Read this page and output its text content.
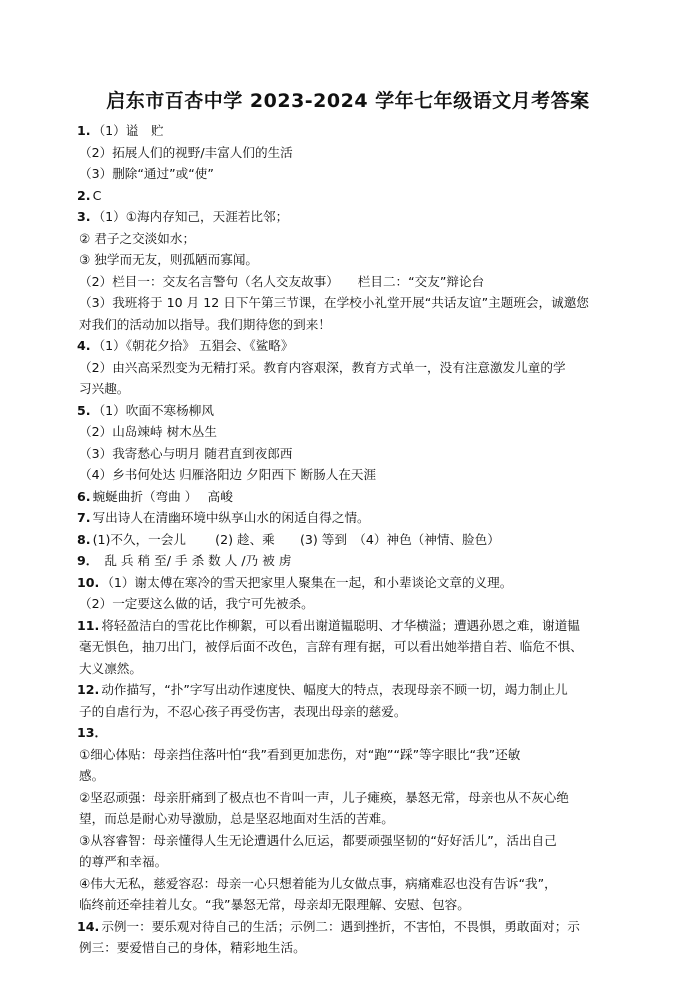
启东市百杏中学 2023-2024 学年七年级语文月考答案
1. （1）谥　贮
（2）拓展人们的视野/丰富人们的生活
（3）删除“通过”或“使”
2. C
3. （1）①海内存知己，天涯若比邻；
② 君子之交淡如水；
③ 独学而无友，则孤陋而寡闻。
（2）栏目一：交友名言警句（名人交友故事）　　栏目二：“交友”辩论台
（3）我班将于 10 月 12 日下午第三节课，在学校小礼堂开展“共话友谊”主题班会，诚邀您
对我们的活动加以指导。我们期待您的到来！
4. （1）《朝花夕拾》 五猖会、《鲨略》
（2）由兴高采烈变为无精打采。教育内容艰深，教育方式单一，没有注意激发儿童的学
习兴趣。
5. （1）吹面不寒杨柳风
（2）山岛竦峙 树木丛生
（3）我寄愁心与明月 随君直到夜郎西
（4）乡书何处达 归雁洛阳边 夕阳西下 断肠人在天涯
6. 蜿蜒曲折（弯曲 ）　 高峻
7. 写出诗人在清幽环境中纵享山水的闲适自得之情。
8. (1)不久，一会儿　　 (2) 趁、乘　　(3) 等到　（4）神色（神情、脸色）
9． 乱 兵 稍 至/ 手 杀 数 人 /乃 被 虏
10. （1）谢太傅在寒冷的雪天把家里人聚集在一起，和小辈谈论文章的义理。
（2）一定要这么做的话，我宁可先被杀。
11. 将轻盈洁白的雪花比作柳絮，可以看出谢道韫聪明、才华横溢；遭遇孙恩之难，谢道韫
毫无惧色，抽刀出门，被俘后面不改色，言辞有理有据，可以看出她举措自若、临危不惧、
大义凛然。
12. 动作描写，“扑”字写出动作速度快、幅度大的特点，表现母亲不顾一切，竭力制止儿
子的自虐行为，不忍心孩子再受伤害，表现出母亲的慈爱。
13．
①细心体贴：母亲挡住落叶怕“我”看到更加悲伤，对“跑”“踩”等字眼比“我”还敏
感。
②坚忍顽强：母亲肝痛到了极点也不肯叫一声，儿子瘫痪，暴怒无常，母亲也从不灰心绝
望，而总是耐心劝导激励，总是坚忍地面对生活的苦难。
③从容睿智：母亲懂得人生无论遭遇什么厄运，都要顽强坚韧的“好好活儿”，活出自己
的尊严和幸福。
④伟大无私，慈爱容忍：母亲一心只想着能为儿女做点事，病痛难忍也没有告诉“我”，
临终前还牵挂着儿女。“我”暴怒无常，母亲却无限理解、安慰、包容。
14. 示例一：要乐观对待自己的生活；示例二：遇到挫折，不害怕，不畏惧，勇敢面对；示
例三：要爱惜自己的身体，精彩地生活。
